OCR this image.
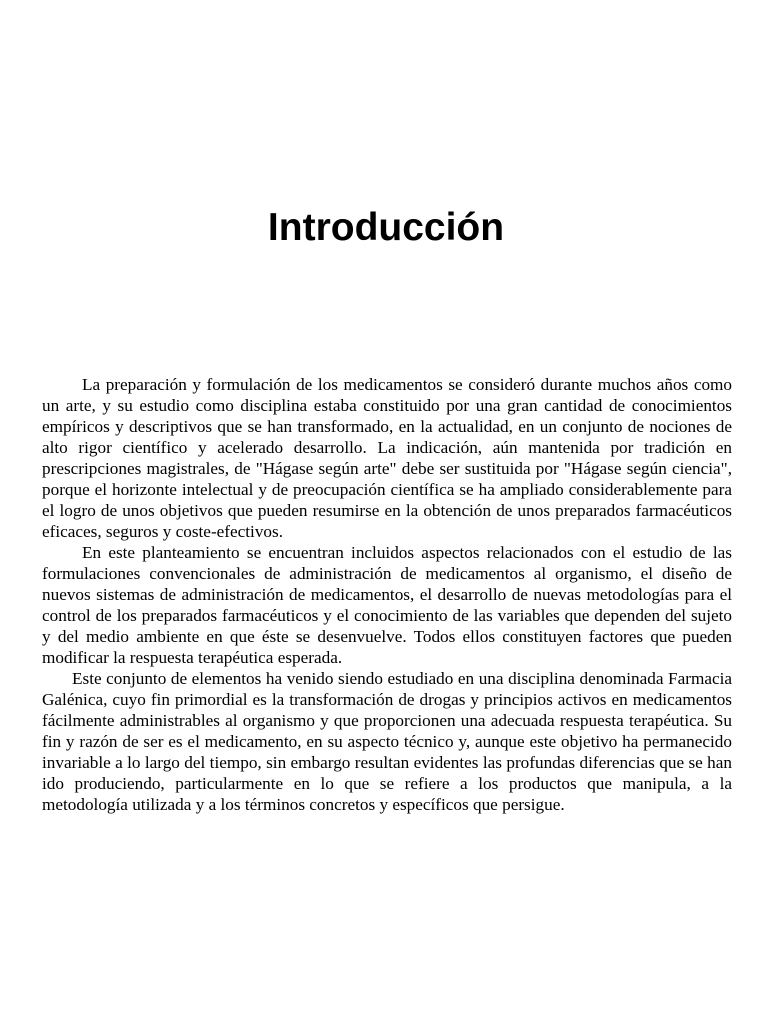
Introducción

La preparación y formulación de los medicamentos se consideró durante muchos años como un arte, y su estudio como disciplina estaba constituido por una gran cantidad de conocimientos empíricos y descriptivos que se han transformado, en la actualidad, en un conjunto de nociones de alto rigor científico y acelerado desarrollo. La indicación, aún mantenida por tradición en prescripciones magistrales, de "Hágase según arte" debe ser sustituida por "Hágase según ciencia", porque el horizonte intelectual y de preocupación científica se ha ampliado considerablemente para el logro de unos objetivos que pueden resumirse en la obtención de unos preparados farmacéuticos eficaces, seguros y coste-efectivos.

En este planteamiento se encuentran incluidos aspectos relacionados con el estudio de las formulaciones convencionales de administración de medicamentos al organismo, el diseño de nuevos sistemas de administración de medicamentos, el desarrollo de nuevas metodologías para el control de los preparados farmacéuticos y el conocimiento de las variables que dependen del sujeto y del medio ambiente en que éste se desenvuelve. Todos ellos constituyen factores que pueden modificar la respuesta terapéutica esperada.

Este conjunto de elementos ha venido siendo estudiado en una disciplina denominada Farmacia Galénica, cuyo fin primordial es la transformación de drogas y principios activos en medicamentos fácilmente administrables al organismo y que proporcionen una adecuada respuesta terapéutica. Su fin y razón de ser es el medicamento, en su aspecto técnico y, aunque este objetivo ha permanecido invariable a lo largo del tiempo, sin embargo resultan evidentes las profundas diferencias que se han ido produciendo, particularmente en lo que se refiere a los productos que manipula, a la metodología utilizada y a los términos concretos y específicos que persigue.
